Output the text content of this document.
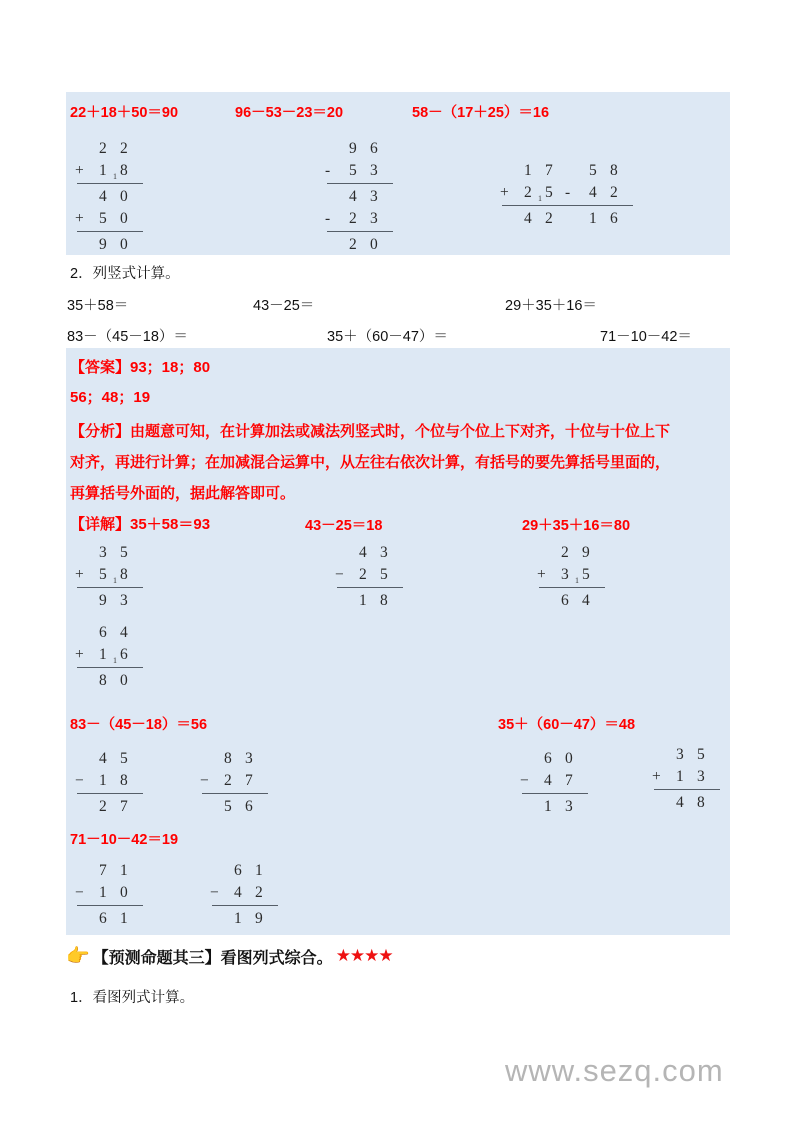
22＋18＋50＝90	96－53－23＝20	58－（17＋25）＝16
2 2
+ 1 8
1
4 0
+ 5 0
9 0
9 6
- 5 3
4 3
- 2 3
2 0
1 7
+ 2 5
1
4 2
5 8
- 4 2
1 6
2．列竖式计算。
35＋58＝	43－25＝	29＋35＋16＝
83－（45－18）＝	35＋（60－47）＝	71－10－42＝
【答案】93；18；80
56；48；19
【分析】由题意可知，在计算加法或减法列竖式时，个位与个位上下对齐，十位与十位上下
对齐，再进行计算；在加减混合运算中，从左往右依次计算，有括号的要先算括号里面的，
再算括号外面的，据此解答即可。
【详解】35＋58＝93	43－25＝18	29＋35＋16＝80
3 5
+ 5 8
1
9 3
6 4
+ 1 6
1
8 0
4 3
− 2 5
1 8
2 9
+ 3 5
1
6 4
83－（45－18）＝56	35＋（60－47）＝48
4 5
− 1 8
2 7
8 3
− 2 7
5 6
6 0
− 4 7
1 3
3 5
+ 1 3
4 8
71－10－42＝19
7 1
− 1 0
6 1
6 1
− 4 2
1 9
👉 【预测命题其三】看图列式综合。 ★★★★
1．看图列式计算。
www.sezq.com
